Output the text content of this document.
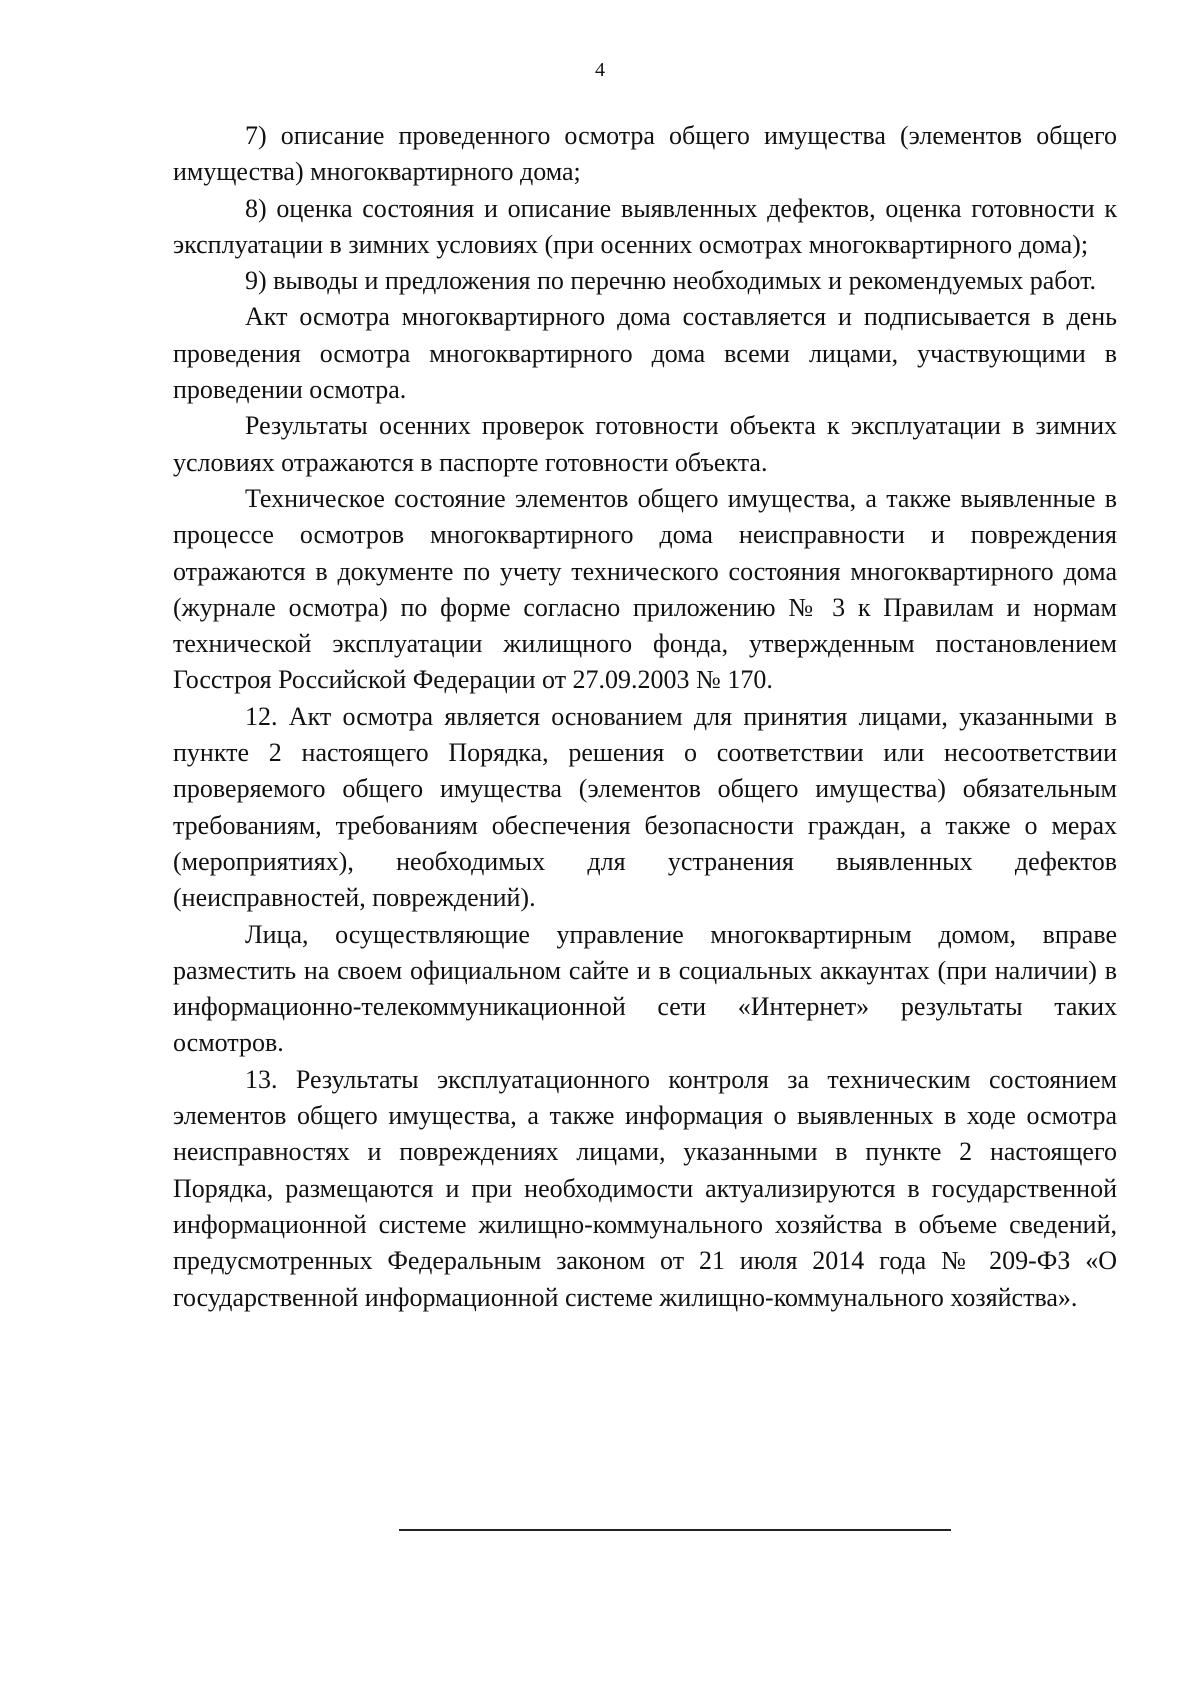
4

7) описание проведенного осмотра общего имущества (элементов общего имущества) многоквартирного дома;

8) оценка состояния и описание выявленных дефектов, оценка готовности к эксплуатации в зимних условиях (при осенних осмотрах многоквартирного дома);

9) выводы и предложения по перечню необходимых и рекомендуемых работ.

Акт осмотра многоквартирного дома составляется и подписывается в день проведения осмотра многоквартирного дома всеми лицами, участвующими в проведении осмотра.

Результаты осенних проверок готовности объекта к эксплуатации в зимних условиях отражаются в паспорте готовности объекта.

Техническое состояние элементов общего имущества, а также выявленные в процессе осмотров многоквартирного дома неисправности и повреждения отражаются в документе по учету технического состояния многоквартирного дома (журнале осмотра) по форме согласно приложению № 3 к Правилам и нормам технической эксплуатации жилищного фонда, утвержденным постановлением Госстроя Российской Федерации от 27.09.2003 № 170.

12. Акт осмотра является основанием для принятия лицами, указанными в пункте 2 настоящего Порядка, решения о соответствии или несоответствии проверяемого общего имущества (элементов общего имущества) обязательным требованиям, требованиям обеспечения безопасности граждан, а также о мерах (мероприятиях), необходимых для устранения выявленных дефектов (неисправностей, повреждений).

Лица, осуществляющие управление многоквартирным домом, вправе разместить на своем официальном сайте и в социальных аккаунтах (при наличии) в информационно-телекоммуникационной сети «Интернет» результаты таких осмотров.

13. Результаты эксплуатационного контроля за техническим состоянием элементов общего имущества, а также информация о выявленных в ходе осмотра неисправностях и повреждениях лицами, указанными в пункте 2 настоящего Порядка, размещаются и при необходимости актуализируются в государственной информационной системе жилищно-коммунального хозяйства в объеме сведений, предусмотренных Федеральным законом от 21 июля 2014 года № 209-ФЗ «О государственной информационной системе жилищно-коммунального хозяйства».
